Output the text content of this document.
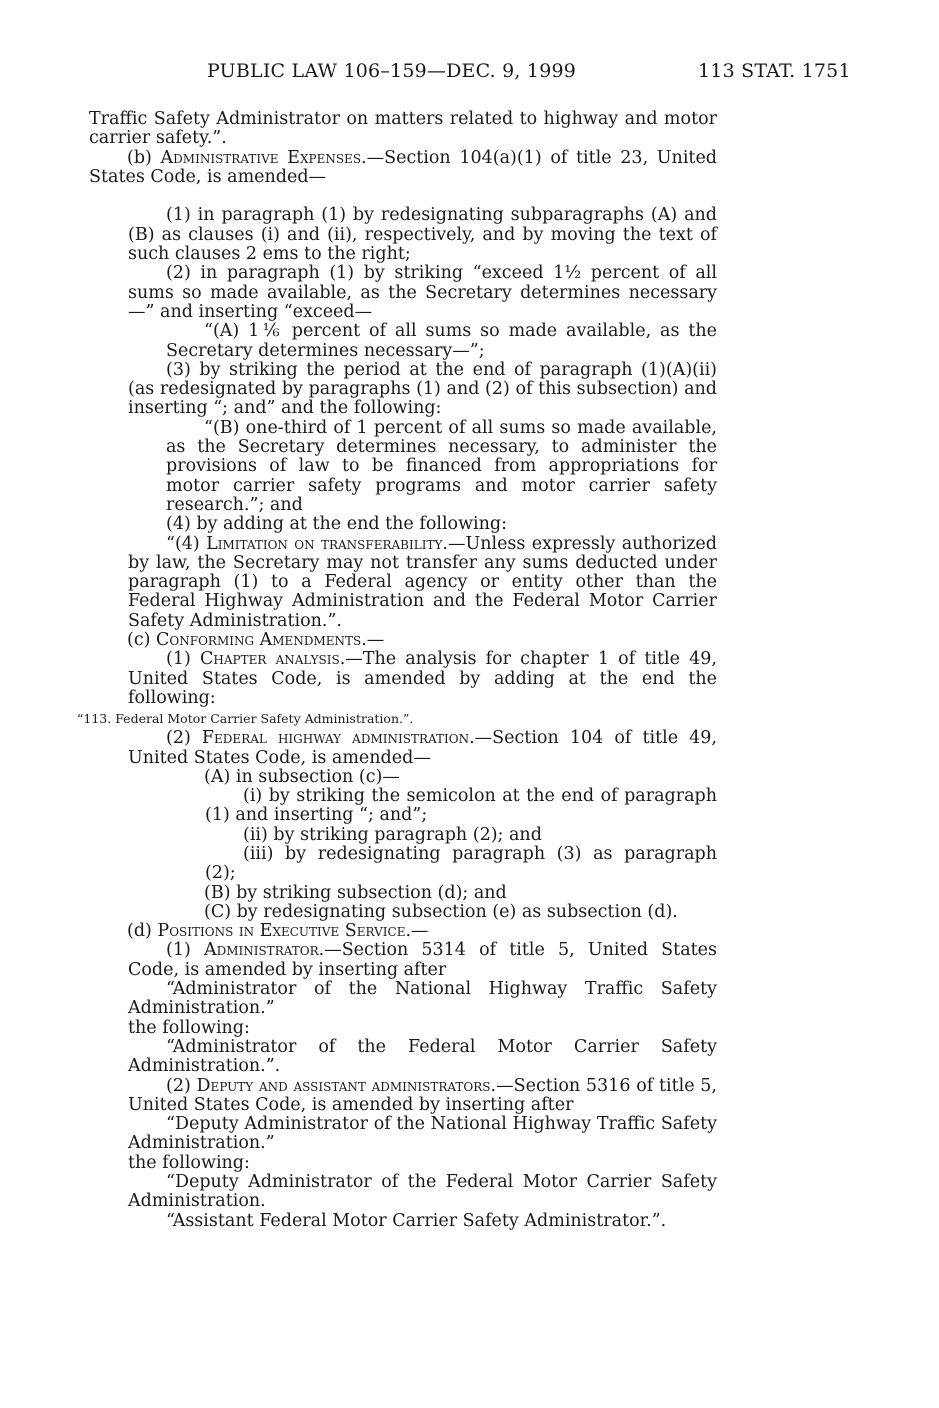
PUBLIC LAW 106–159—DEC. 9, 1999	113 STAT. 1751

Traffic Safety Administrator on matters related to highway and motor carrier safety.”.

(b) Administrative Expenses.—Section 104(a)(1) of title 23, United States Code, is amended—

(1) in paragraph (1) by redesignating subparagraphs (A) and (B) as clauses (i) and (ii), respectively, and by moving the text of such clauses 2 ems to the right;

(2) in paragraph (1) by striking “exceed 1½ percent of all sums so made available, as the Secretary determines necessary—” and inserting “exceed—

“(A) 1⅙ percent of all sums so made available, as the Secretary determines necessary—”;

(3) by striking the period at the end of paragraph (1)(A)(ii) (as redesignated by paragraphs (1) and (2) of this subsection) and inserting “; and” and the following:

“(B) one-third of 1 percent of all sums so made available, as the Secretary determines necessary, to administer the provisions of law to be financed from appropriations for motor carrier safety programs and motor carrier safety research.”; and

(4) by adding at the end the following:

“(4) Limitation on transferability.—Unless expressly authorized by law, the Secretary may not transfer any sums deducted under paragraph (1) to a Federal agency or entity other than the Federal Highway Administration and the Federal Motor Carrier Safety Administration.”.

(c) Conforming Amendments.—

(1) Chapter analysis.—The analysis for chapter 1 of title 49, United States Code, is amended by adding at the end the following:

“113. Federal Motor Carrier Safety Administration.”.

(2) Federal highway administration.—Section 104 of title 49, United States Code, is amended—

(A) in subsection (c)—

(i) by striking the semicolon at the end of paragraph (1) and inserting “; and”;

(ii) by striking paragraph (2); and

(iii) by redesignating paragraph (3) as paragraph (2);

(B) by striking subsection (d); and

(C) by redesignating subsection (e) as subsection (d).

(d) Positions in Executive Service.—

(1) Administrator.—Section 5314 of title 5, United States Code, is amended by inserting after

“Administrator of the National Highway Traffic Safety Administration.”

the following:

“Administrator of the Federal Motor Carrier Safety Administration.”.

(2) Deputy and assistant administrators.—Section 5316 of title 5, United States Code, is amended by inserting after

“Deputy Administrator of the National Highway Traffic Safety Administration.”

the following:

“Deputy Administrator of the Federal Motor Carrier Safety Administration.

“Assistant Federal Motor Carrier Safety Administrator.”.
